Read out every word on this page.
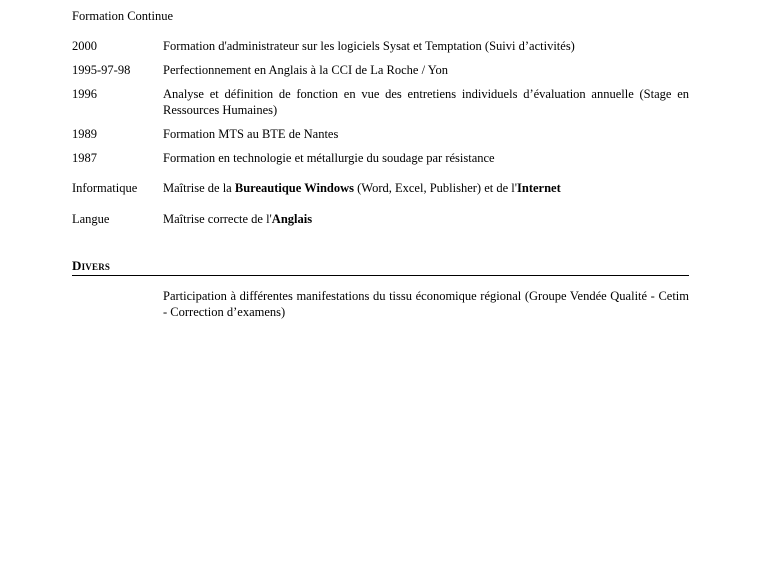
Formation Continue
2000	Formation d'administrateur sur les logiciels Sysat et Temptation (Suivi d’activités)
1995-97-98	Perfectionnement en Anglais à la CCI de La Roche / Yon
1996	Analyse et définition de fonction en vue des entretiens individuels d’évaluation annuelle (Stage en Ressources Humaines)
1989	Formation MTS au BTE de Nantes
1987	Formation en technologie et métallurgie du soudage par résistance
Informatique	Maîtrise de la Bureautique Windows (Word, Excel, Publisher) et de l'Internet
Langue	Maîtrise correcte de l'Anglais
Divers
Participation à différentes manifestations du tissu économique régional (Groupe Vendée Qualité - Cetim - Correction d’examens)
